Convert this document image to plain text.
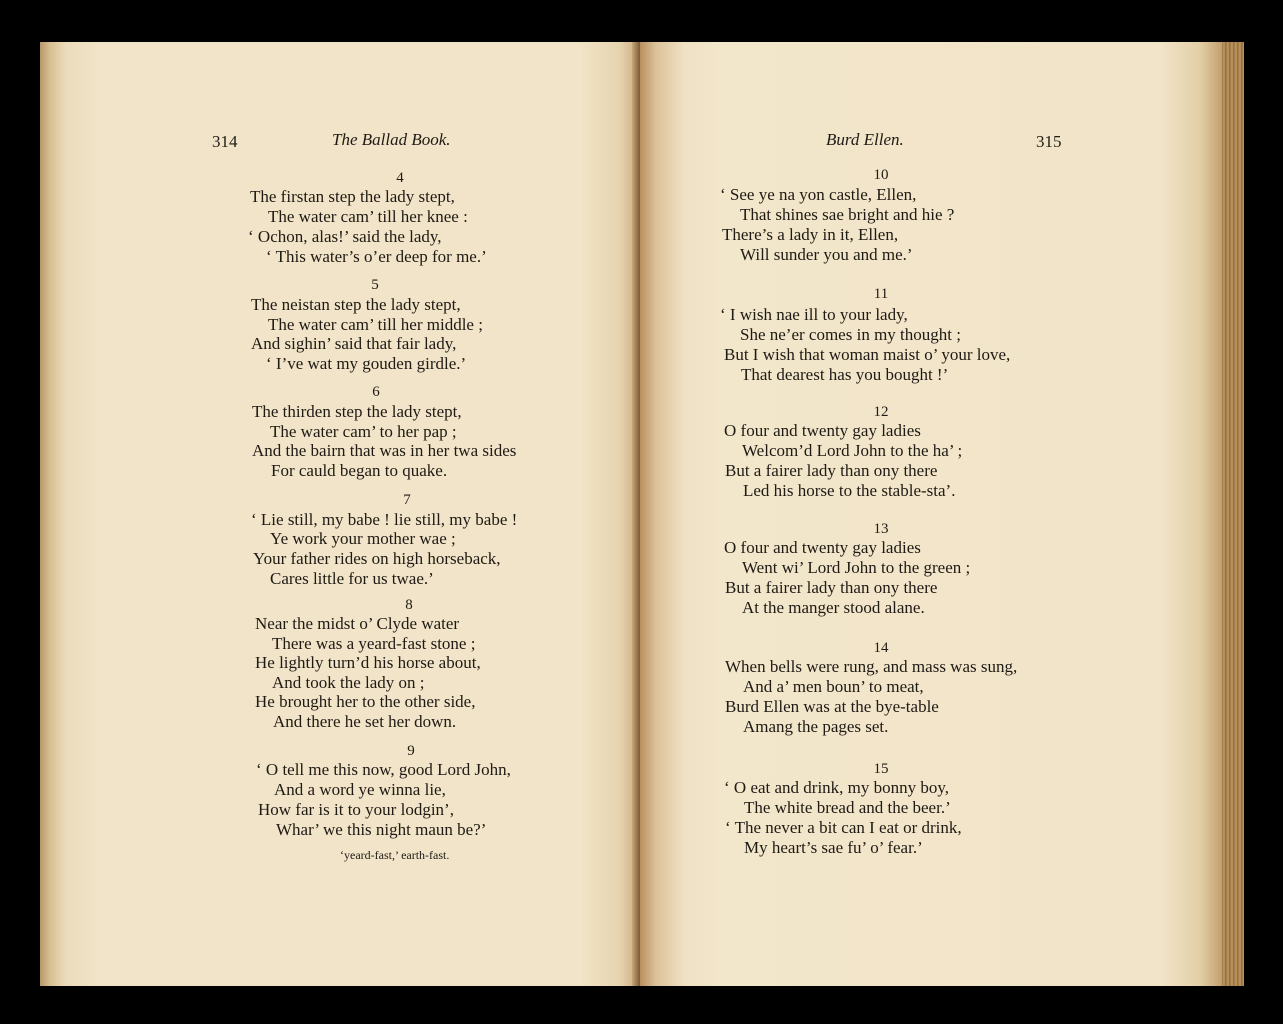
314	The Ballad Book.
4
The firstan step the lady stept,
The water cam’ till her knee :
‘ Ochon, alas!’ said the lady,
‘ This water’s o’er deep for me.’
5
The neistan step the lady stept,
The water cam’ till her middle ;
And sighin’ said that fair lady,
‘ I’ve wat my gouden girdle.’
6
The thirden step the lady stept,
The water cam’ to her pap ;
And the bairn that was in her twa sides
For cauld began to quake.
7
‘ Lie still, my babe ! lie still, my babe !
Ye work your mother wae ;
Your father rides on high horseback,
Cares little for us twae.’
8
Near the midst o’ Clyde water
There was a yeard-fast stone ;
He lightly turn’d his horse about,
And took the lady on ;
He brought her to the other side,
And there he set her down.
9
‘ O tell me this now, good Lord John,
And a word ye winna lie,
How far is it to your lodgin’,
Whar’ we this night maun be?’
‘yeard-fast,’ earth-fast.
Burd Ellen.	315
10
‘ See ye na yon castle, Ellen,
That shines sae bright and hie ?
There’s a lady in it, Ellen,
Will sunder you and me.’
11
‘ I wish nae ill to your lady,
She ne’er comes in my thought ;
But I wish that woman maist o’ your love,
That dearest has you bought !’
12
O four and twenty gay ladies
Welcom’d Lord John to the ha’ ;
But a fairer lady than ony there
Led his horse to the stable-sta’.
13
O four and twenty gay ladies
Went wi’ Lord John to the green ;
But a fairer lady than ony there
At the manger stood alane.
14
When bells were rung, and mass was sung,
And a’ men boun’ to meat,
Burd Ellen was at the bye-table
Amang the pages set.
15
‘ O eat and drink, my bonny boy,
The white bread and the beer.’
‘ The never a bit can I eat or drink,
My heart’s sae fu’ o’ fear.’
